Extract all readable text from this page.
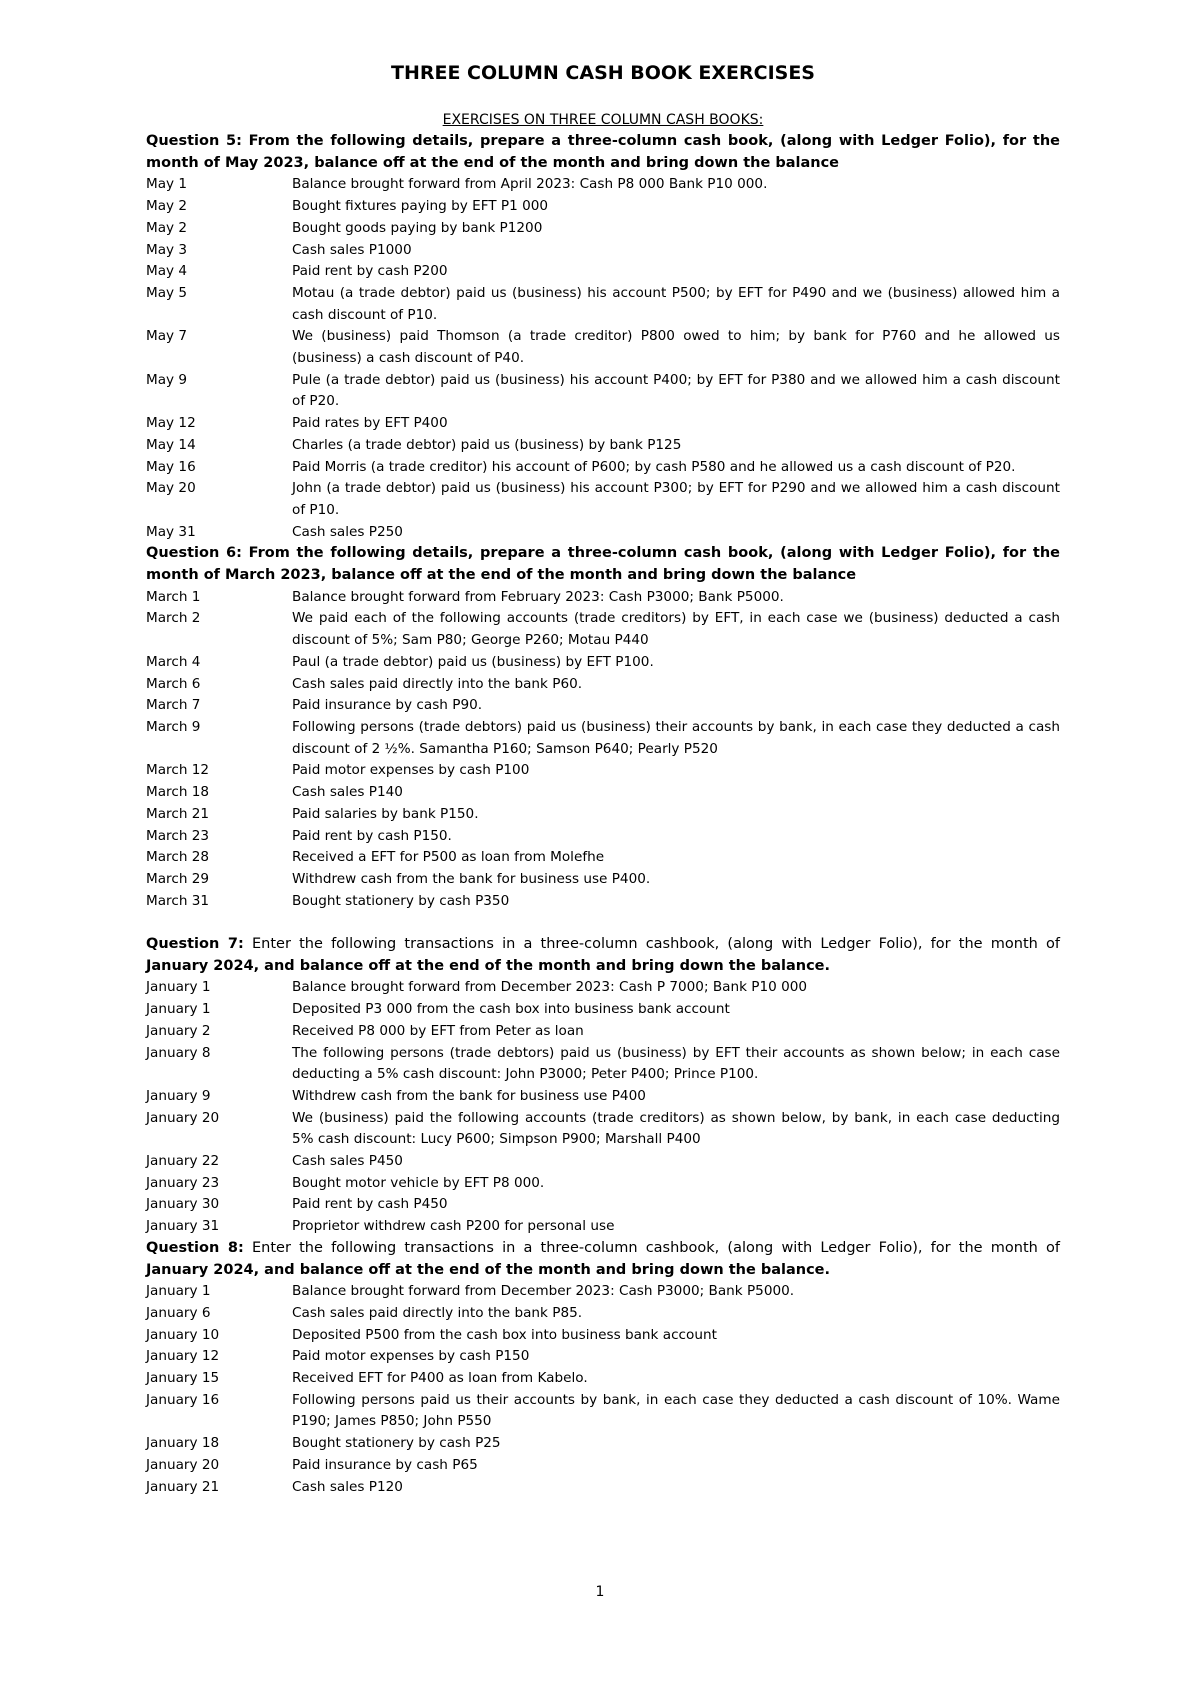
THREE COLUMN CASH BOOK EXERCISES
EXERCISES ON THREE COLUMN CASH BOOKS:
Question 5: From the following details, prepare a three-column cash book, (along with Ledger Folio), for the month of May 2023, balance off at the end of the month and bring down the balance
May 1	Balance brought forward from April 2023: Cash P8 000 Bank P10 000.
May 2	Bought fixtures paying by EFT P1 000
May 2	Bought goods paying by bank P1200
May 3	Cash sales P1000
May 4	Paid rent by cash P200
May 5	Motau (a trade debtor) paid us (business) his account P500; by EFT for P490 and we (business) allowed him a cash discount of P10.
May 7	We (business) paid Thomson (a trade creditor) P800 owed to him; by bank for P760 and he allowed us (business) a cash discount of P40.
May 9	Pule (a trade debtor) paid us (business) his account P400; by EFT for P380 and we allowed him a cash discount of P20.
May 12	Paid rates by EFT P400
May 14	Charles (a trade debtor) paid us (business) by bank P125
May 16	Paid Morris (a trade creditor) his account of P600; by cash P580 and he allowed us a cash discount of P20.
May 20	John (a trade debtor) paid us (business) his account P300; by EFT for P290 and we allowed him a cash discount of P10.
May 31	Cash sales P250
Question 6: From the following details, prepare a three-column cash book, (along with Ledger Folio), for the month of March 2023, balance off at the end of the month and bring down the balance
March 1	Balance brought forward from February 2023: Cash P3000; Bank P5000.
March 2	We paid each of the following accounts (trade creditors) by EFT, in each case we (business) deducted a cash discount of 5%; Sam P80; George P260; Motau P440
March 4	Paul (a trade debtor) paid us (business) by EFT P100.
March 6	Cash sales paid directly into the bank P60.
March 7	Paid insurance by cash P90.
March 9	Following persons (trade debtors) paid us (business) their accounts by bank, in each case they deducted a cash discount of 2 ½%. Samantha P160; Samson P640; Pearly P520
March 12	Paid motor expenses by cash P100
March 18	Cash sales P140
March 21	Paid salaries by bank P150.
March 23	Paid rent by cash P150.
March 28	Received a EFT for P500 as loan from Molefhe
March 29	Withdrew cash from the bank for business use P400.
March 31	Bought stationery by cash P350
Question 7: Enter the following transactions in a three-column cashbook, (along with Ledger Folio), for the month of January 2024, and balance off at the end of the month and bring down the balance.
January 1	Balance brought forward from December 2023: Cash P 7000; Bank P10 000
January 1	Deposited P3 000 from the cash box into business bank account
January 2	Received P8 000 by EFT from Peter as loan
January 8	The following persons (trade debtors) paid us (business) by EFT their accounts as shown below; in each case deducting a 5% cash discount: John P3000; Peter P400; Prince P100.
January 9	Withdrew cash from the bank for business use P400
January 20	We (business) paid the following accounts (trade creditors) as shown below, by bank, in each case deducting 5% cash discount: Lucy P600; Simpson P900; Marshall P400
January 22	Cash sales P450
January 23	Bought motor vehicle by EFT P8 000.
January 30	Paid rent by cash P450
January 31	Proprietor withdrew cash P200 for personal use
Question 8: Enter the following transactions in a three-column cashbook, (along with Ledger Folio), for the month of January 2024, and balance off at the end of the month and bring down the balance.
January 1	Balance brought forward from December 2023: Cash P3000; Bank P5000.
January 6	Cash sales paid directly into the bank P85.
January 10	Deposited P500 from the cash box into business bank account
January 12	Paid motor expenses by cash P150
January 15	Received EFT for P400 as loan from Kabelo.
January 16	Following persons paid us their accounts by bank, in each case they deducted a cash discount of 10%. Wame P190; James P850; John P550
January 18	Bought stationery by cash P25
January 20	Paid insurance by cash P65
January 21	Cash sales P120
1
